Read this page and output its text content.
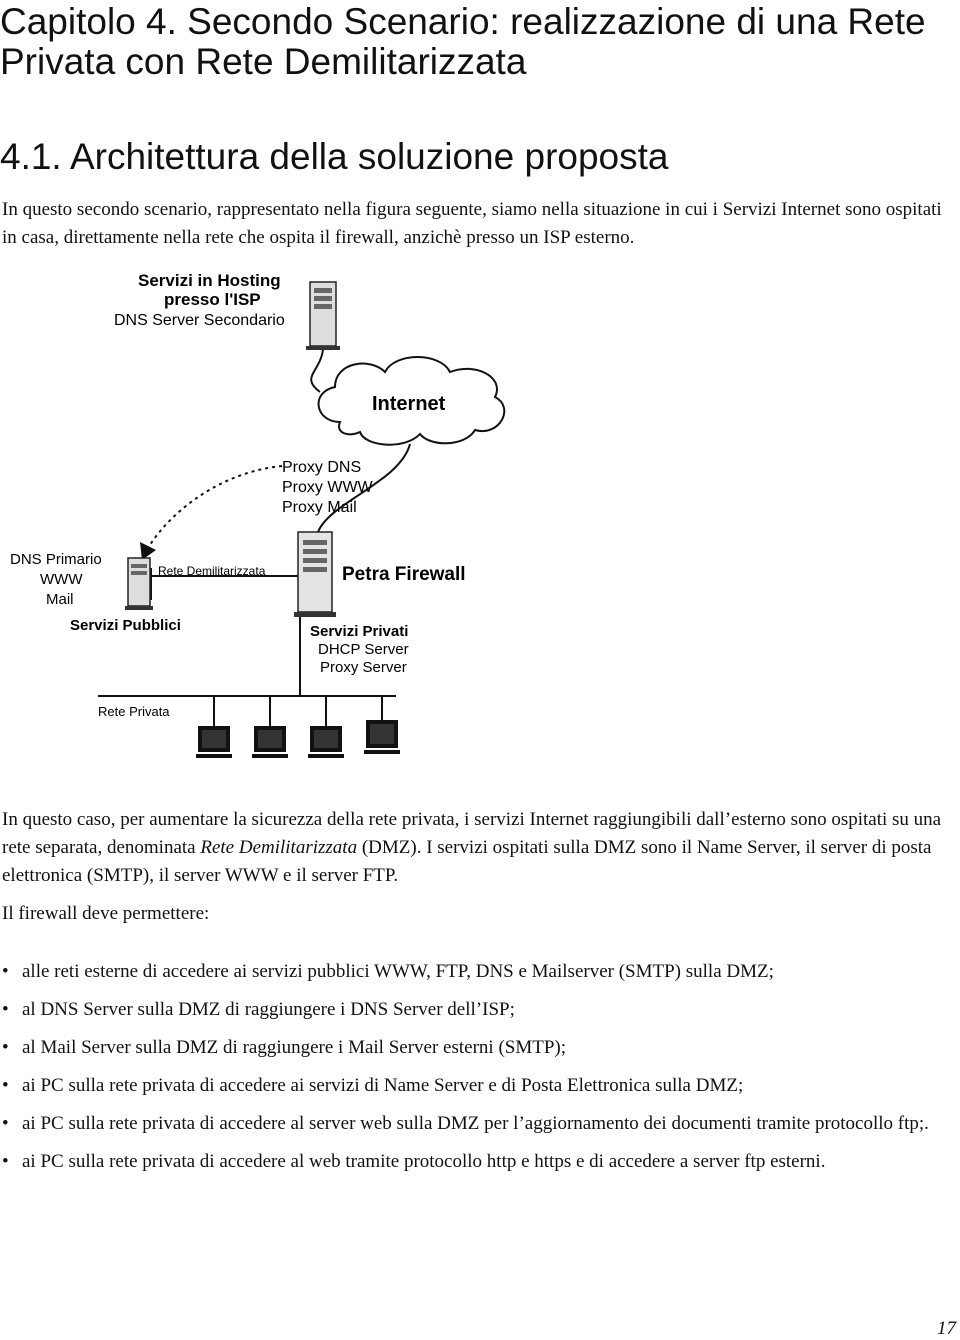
Capitolo 4. Secondo Scenario: realizzazione di una Rete Privata con Rete Demilitarizzata
4.1. Architettura della soluzione proposta

In questo secondo scenario, rappresentato nella figura seguente, siamo nella situazione in cui i Servizi Internet sono ospitati in casa, direttamente nella rete che ospita il firewall, anzichè presso un ISP esterno.

Servizi in Hosting
presso l'ISP
DNS Server Secondario
Internet
Proxy DNS
Proxy WWW
Proxy Mail
Petra Firewall
Rete Demilitarizzata
DNS Primario
WWW
Mail
Servizi Pubblici	Servizi Privati
DHCP Server
Proxy Server
Rete Privata

In questo caso, per aumentare la sicurezza della rete privata, i servizi Internet raggiungibili dall’esterno sono ospitati su una rete separata, denominata Rete Demilitarizzata (DMZ). I servizi ospitati sulla DMZ sono il Name Server, il server di posta elettronica (SMTP), il server WWW e il server FTP.

Il firewall deve permettere:

• alle reti esterne di accedere ai servizi pubblici WWW, FTP, DNS e Mailserver (SMTP) sulla DMZ;
• al DNS Server sulla DMZ di raggiungere i DNS Server dell’ISP;
• al Mail Server sulla DMZ di raggiungere i Mail Server esterni (SMTP);
• ai PC sulla rete privata di accedere ai servizi di Name Server e di Posta Elettronica sulla DMZ;
• ai PC sulla rete privata di accedere al server web sulla DMZ per l’aggiornamento dei documenti tramite protocollo ftp;.
• ai PC sulla rete privata di accedere al web tramite protocollo http e https e di accedere a server ftp esterni.
17
